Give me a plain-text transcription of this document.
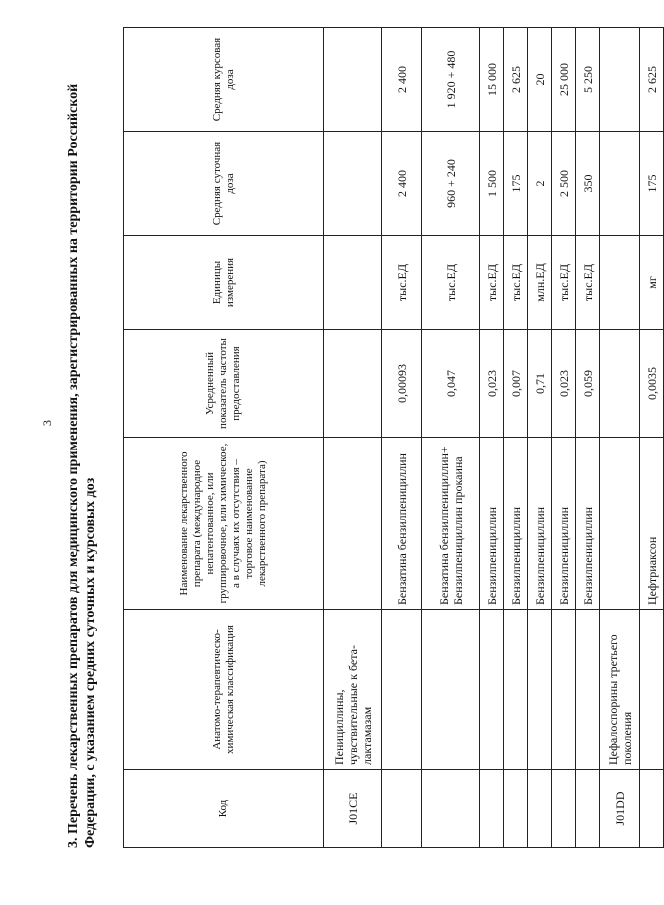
3 3. Перечень лекарственных препаратов для медицинского применения, зарегистрированных на территории Российской Федерации, с указанием средних суточных и курсовых доз	Код	Анатомо-терапевтическо-химическая классификация	Наименование лекарственного препарата (международное непатентованное, или группировочное, или химическое, а в случаях их отсутствия – торговое наименование лекарственного препарата)	Усредненный показатель частоты предоставления	Единицы измерения	Средняя суточная доза	Средняя курсовая доза
J01CE	Пенициллины, чувствительные к бета-лактамазам					
		Бензатина бензилпенициллин	0,00093	тыс.ЕД	2 400	2 400
		Бензатина бензилпенициллин+ Бензилпенициллин прокаина	0,047	тыс.ЕД	960 + 240	1 920 + 480
		Бензилпенициллин	0,023	тыс.ЕД	1 500	15 000
		Бензилпенициллин	0,007	тыс.ЕД	175	2 625
		Бензилпенициллин	0,71	млн.ЕД	2	20
		Бензилпенициллин	0,023	тыс.ЕД	2 500	25 000
		Бензилпенициллин	0,059	тыс.ЕД	350	5 250
J01DD	Цефалоспорины третьего поколения					
		Цефтриаксон	0,0035	мг	175	2 625
